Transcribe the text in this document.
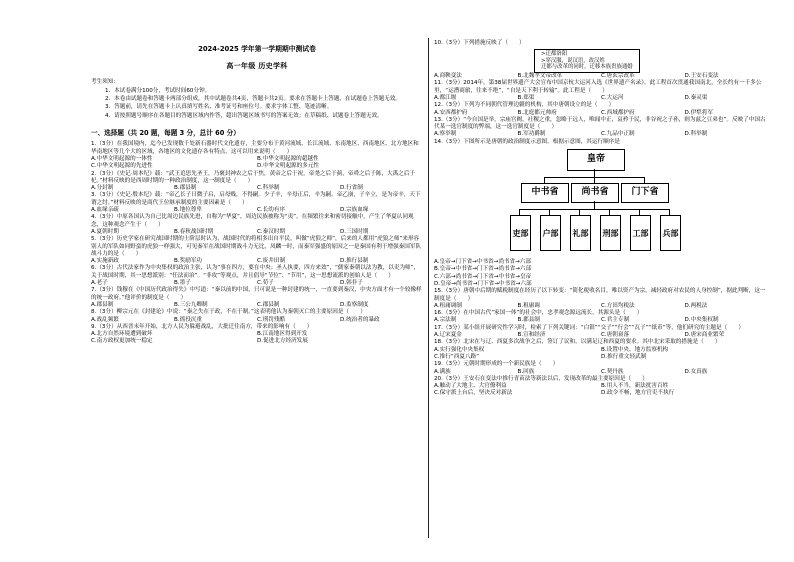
2024-2025 学年第一学期期中测试卷
高一年级 历史学科
考生须知：

1．本试卷满分100分，考试时间60分钟。

2．本卷由试题卷和答题卡两部分组成，其中试题卷共4页，答题卡共2页。要求在答题卡上答题，在试题卷上答题无效。

3．答题前，请先在答题卡上认真填写姓名、准考证号和座位号。要求字体工整、笔迹清晰。

4．请按照题号顺序在各题目的答题区域内作答，超出答题区域书写的答案无效；在草稿纸、试题卷上答题无效。

一、选择题（共 20 题，每题 3 分，总计 60 分）
1.（3分）在我国境内，迄今已发现数千处新石器时代文化遗存，主要分布于黄河流域、长江流域、东南地区、西南地区、北方地区和华南地区等几个大的区域，各地区的文化遗存各有特点，这可以用来说明（　　）
A.中华文明起源的一体性	B.中华文明起源的超越性
C.中华文明起源的先进性	D.中华文明起源的多元性
2.（3分）《史记·周本纪》载：“武王追思先圣王，乃褒封神农之后于焦，黄帝之后于祝，帝尧之后于蓟，帝舜之后于陈，大禹之后于杞。”材料反映的是西周时期的一种政治制度，这一制度是（　　）
A.分封制	B.郡县制	C.科举制	D.行省制
3.（3分）《史记·殷本纪》载：“帝乙长子曰微子启，启母贱，不得嗣。少子辛，辛母正后，辛为嗣。帝乙崩，子辛立，是为帝辛，天下谓之纣。”材料反映的是商代王位继承制度的主要因素是（　　）
A.血缘亲疏	B.地位尊卑	C.长幼有序	D.宗族血缘
4.（3分）中原各国认为自己比周边民族先进，自称为“华夏”，周边民族被称为“夷”。在频繁往来和密切接触中，产生了华夏认同观念，这种观念产生于（　　）
A.夏朝时期	B.春秋战国时期	C.秦汉时期	D.三国时期
5.（3分）历史学家在研究战国时期的士阶层时认为，战国时代的将相多出自平民，叫做“虎狼之师”，后来的人都用“虎狼之师”来形容别人的军队如同野蛮的虎狼一样强大，可见秦军在战国时期战斗力无比，凤麟一时，而秦军强盛的原因之一是秦国有利于增强秦国军队战斗力的是（　　）
A.实施新政	B.奖励军功	C.废井田制	D.推行县制
6.（3分）古代法家作为中央集权的政治主张，认为“事在四方，要在中央；圣人执要，四方来效”，“儒家秦朝以法为教，以吏为师”，关于战国时期，其一思想派别：“任法而治”。“非攻”等观点，并且倡导“节位”、“节用”，这一思想流派的创始人是（　　）
A.老子	B.墨子	C.荀子	D.韩非子
7.（3分）钱穆在《中国历代政治得失》中写道：“秦以前的中国，只可说是一种封建的统一，一直要到秦汉，中央方面才有一个较像样的统一政府。”他评价的制度是（　　）
A.郡县制	B.三公九卿制	C.郡县制	D.监察制度
8.（3分）柳宗元在《封建论》中说：“秦之失在于政，不在于制。”这表明他认为秦朝灭亡的主要原因是（　　）
A.战乱频繁	B.徭役沉重	C.刑罚残酷	D.统治者的暴政
9.（3分）从西晋末年开始，北方人民为躲避战乱，大批迁往南方，带来的影响有（　　）
A.北方自然环境遭到破坏	B.江南地区得到开发
C.南方政权更加统一稳定	D.促进北方经济发展
10.（3分）下列措施反映了（　　）
>迁都洛阳
>穿汉服，说汉语，改汉姓
迁都与改革的同时，迁移本族贵族通婚
A.商鞅变法	B.北魏孝文帝改革	C.唐玄宗改革	D.王安石变法
11.（3分）2014年，第38届世界遗产大会宣布中国京杭大运河入选《世界遗产名录》。此工程首次贯通我国南北，全长约有一千多公里，“运漕商旅，往来不绝”，“自是天下利于转输”。此工程是（　　）
A.都江堰	B.郑渠	C.大运河	D.秦灵渠
12.（3分）下列为不同朝代管理边疆的机构，其中唐朝设立的是（　　）
A.安西都护府	B.北庭都元帅府	C.西域都护府	D.伊犁将军
13.（3分）“今自国是举，宗庙宫阙，社稷之重，忽略于远人，唯闻中正，哀矜于民，非谷祝之子孙，则为兹之豆弟也”。反映了中国古代某一选官制度的弊端，这一选官制度是（　　）
A.察举制	B.军功爵制	C.九品中正制	D.科举制
14.（3分）下图所示是唐朝的政治制度示意图。根据示意图，其运行顺序是
皇帝
中书省	尚书省	门下省
吏部	户部	礼部	刑部	工部	兵部
A.皇帝→门下省→中书省→尚书省→六部
B.皇帝→中书省→门下省→尚书省→六部
C.六部→尚书省→门下省→中书省→皇帝
D.皇帝→尚书省→门下省→中书省→六部
15.（3分）唐朝中后期的赋税制度在经历了以下转变：“简化税收名目，唯以资产为宗，减轻政府对农民的人身控制”，据此判断，这一制度是（　　）
A.租庸调制	B.租庸调	C.方田均税法	D.两税法
16.（3分）在中国古代“家国一体”的社会中，忠孝观念源远流长，其源头是（　　）
A.宗法制	B.郡县制	C.君主专制	D.中央集权制
17.（3分）某小组开展研究性学习时，检索了下列关键词：“白银”“交子”“行会”“瓦子”“纸币”等，他们研究的主题是（　　）
A.辽宋夏金	B.宣和经济	C.唐朝衰落	D.唐宋商业繁荣
18.（3分）北宋在与辽、西夏多次战争之后，签订了议和，以满足辽和西夏的要求。其中北宋采取的措施是（　　）
A.实行强化中央集权	B.设置中央、地方监察机构
C.推行“西夏八路”	D.推行重文轻武制
19.（3分）元朝时期形成的一个新民族是（　　）
A.满族	B.回族	C.契丹族	D.女真族
20.（3分）王安石在变法中推行青苗法等新法以后，发现改革的最主要原因是（　　）
A.触动了大地主、大官僚利益	B.用人不当，新法扰害百姓
C.保守派上台后，坚决反对新法	D.政令不畅，地方官吏不执行
